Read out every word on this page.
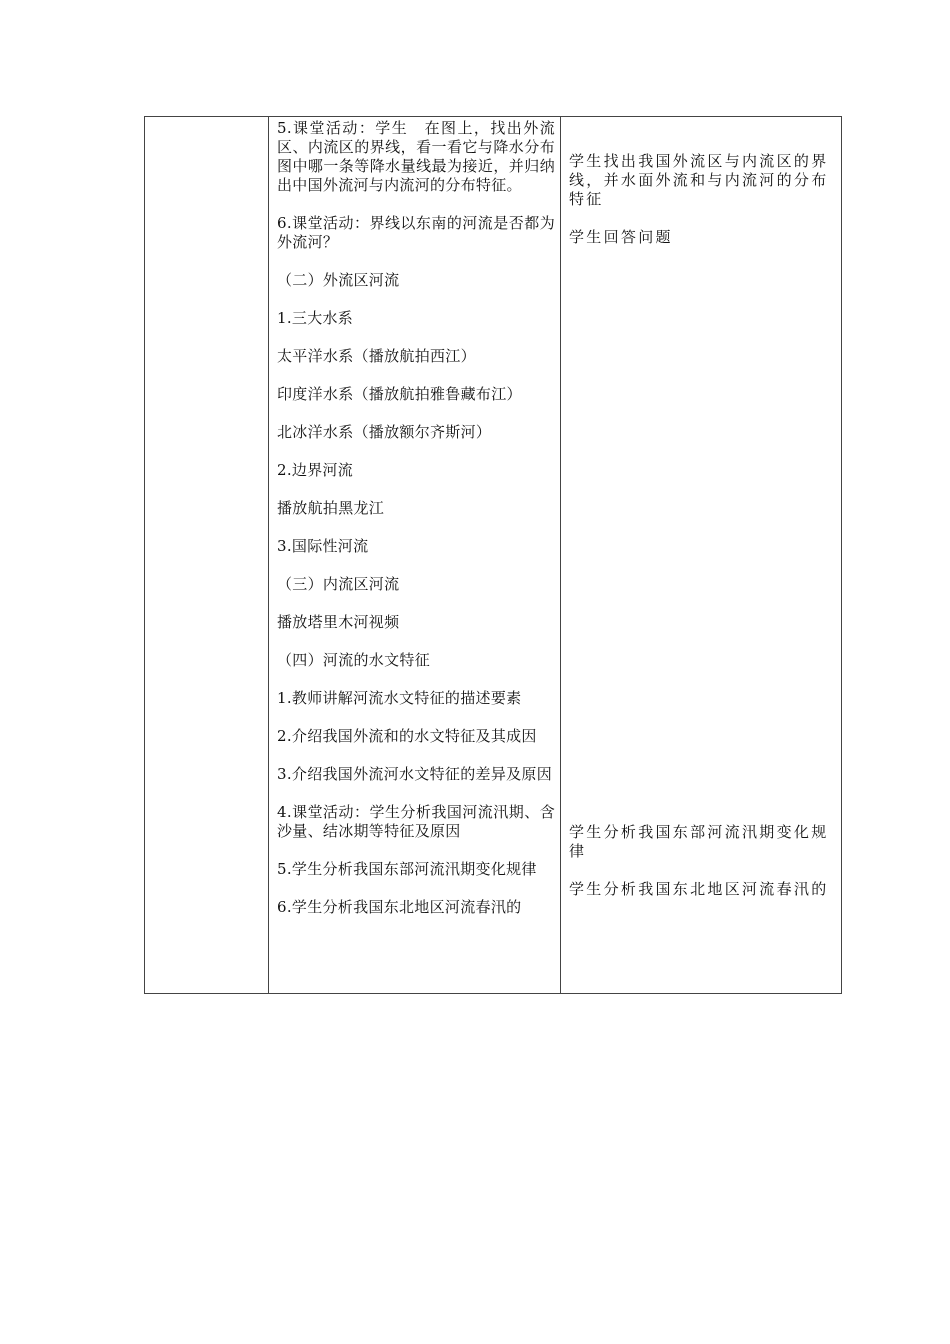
5.课堂活动：学生　在图上，找出外流区、内流区的界线，看一看它与降水分布图中哪一条等降水量线最为接近，并归纳出中国外流河与内流河的分布特征。

6.课堂活动：界线以东南的河流是否都为外流河？

（二）外流区河流

1.三大水系

太平洋水系（播放航拍西江）

印度洋水系（播放航拍雅鲁藏布江）

北冰洋水系（播放额尔齐斯河）

2.边界河流

播放航拍黑龙江

3.国际性河流

（三）内流区河流

播放塔里木河视频

（四）河流的水文特征

1.教师讲解河流水文特征的描述要素

2.介绍我国外流和的水文特征及其成因

3.介绍我国外流河水文特征的差异及原因

4.课堂活动：学生分析我国河流汛期、含沙量、结冰期等特征及原因

5.学生分析我国东部河流汛期变化规律

6.学生分析我国东北地区河流春汛的

学生找出我国外流区与内流区的界线，并水面外流和与内流河的分布特征

学生回答问题

学生分析我国东部河流汛期变化规律

学生分析我国东北地区河流春汛的
